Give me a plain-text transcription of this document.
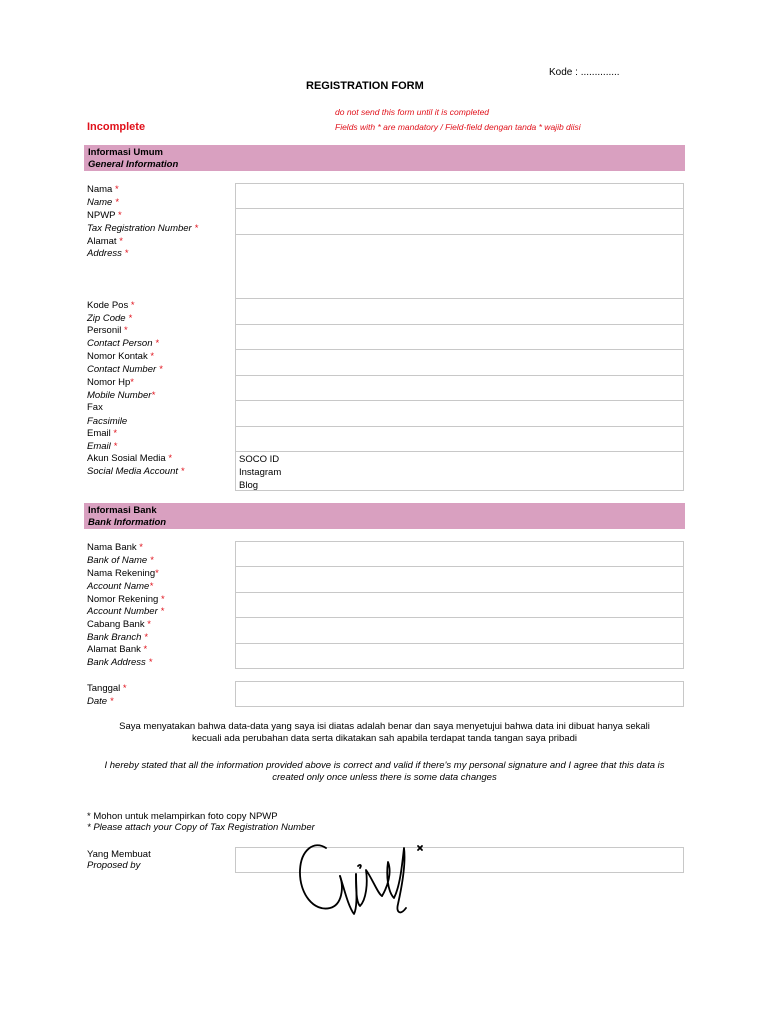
Kode : ..............
REGISTRATION FORM
do not send this form until it is completed
Fields with * are mandatory / Field-field dengan tanda * wajib diisi
Incomplete
Informasi Umum
General Information
Nama *
Name *
NPWP *
Tax Registration Number *
Alamat *
Address *
Kode Pos *
Zip Code *
Personil *
Contact Person *
Nomor Kontak *
Contact Number *
Nomor Hp*
Mobile Number*
Fax
Facsimile
Email *
Email *
Akun Sosial Media *
Social Media Account *
SOCO ID
Instagram
Blog
Informasi Bank
Bank Information
Nama Bank *
Bank of Name *
Nama Rekening*
Account Name*
Nomor Rekening *
Account Number *
Cabang Bank *
Bank Branch *
Alamat Bank *
Bank Address *
Tanggal *
Date *
Saya menyatakan bahwa data-data yang saya isi diatas adalah benar dan saya menyetujui bahwa data ini dibuat hanya sekali
kecuali ada perubahan data serta dikatakan sah apabila terdapat tanda tangan saya pribadi
I hereby stated that all the information provided above is correct and valid if there's my personal signature and I agree that this data is
created only once unless there is some data changes
* Mohon untuk melampirkan foto copy NPWP
* Please attach your Copy of Tax Registration Number
Yang Membuat
Proposed by
